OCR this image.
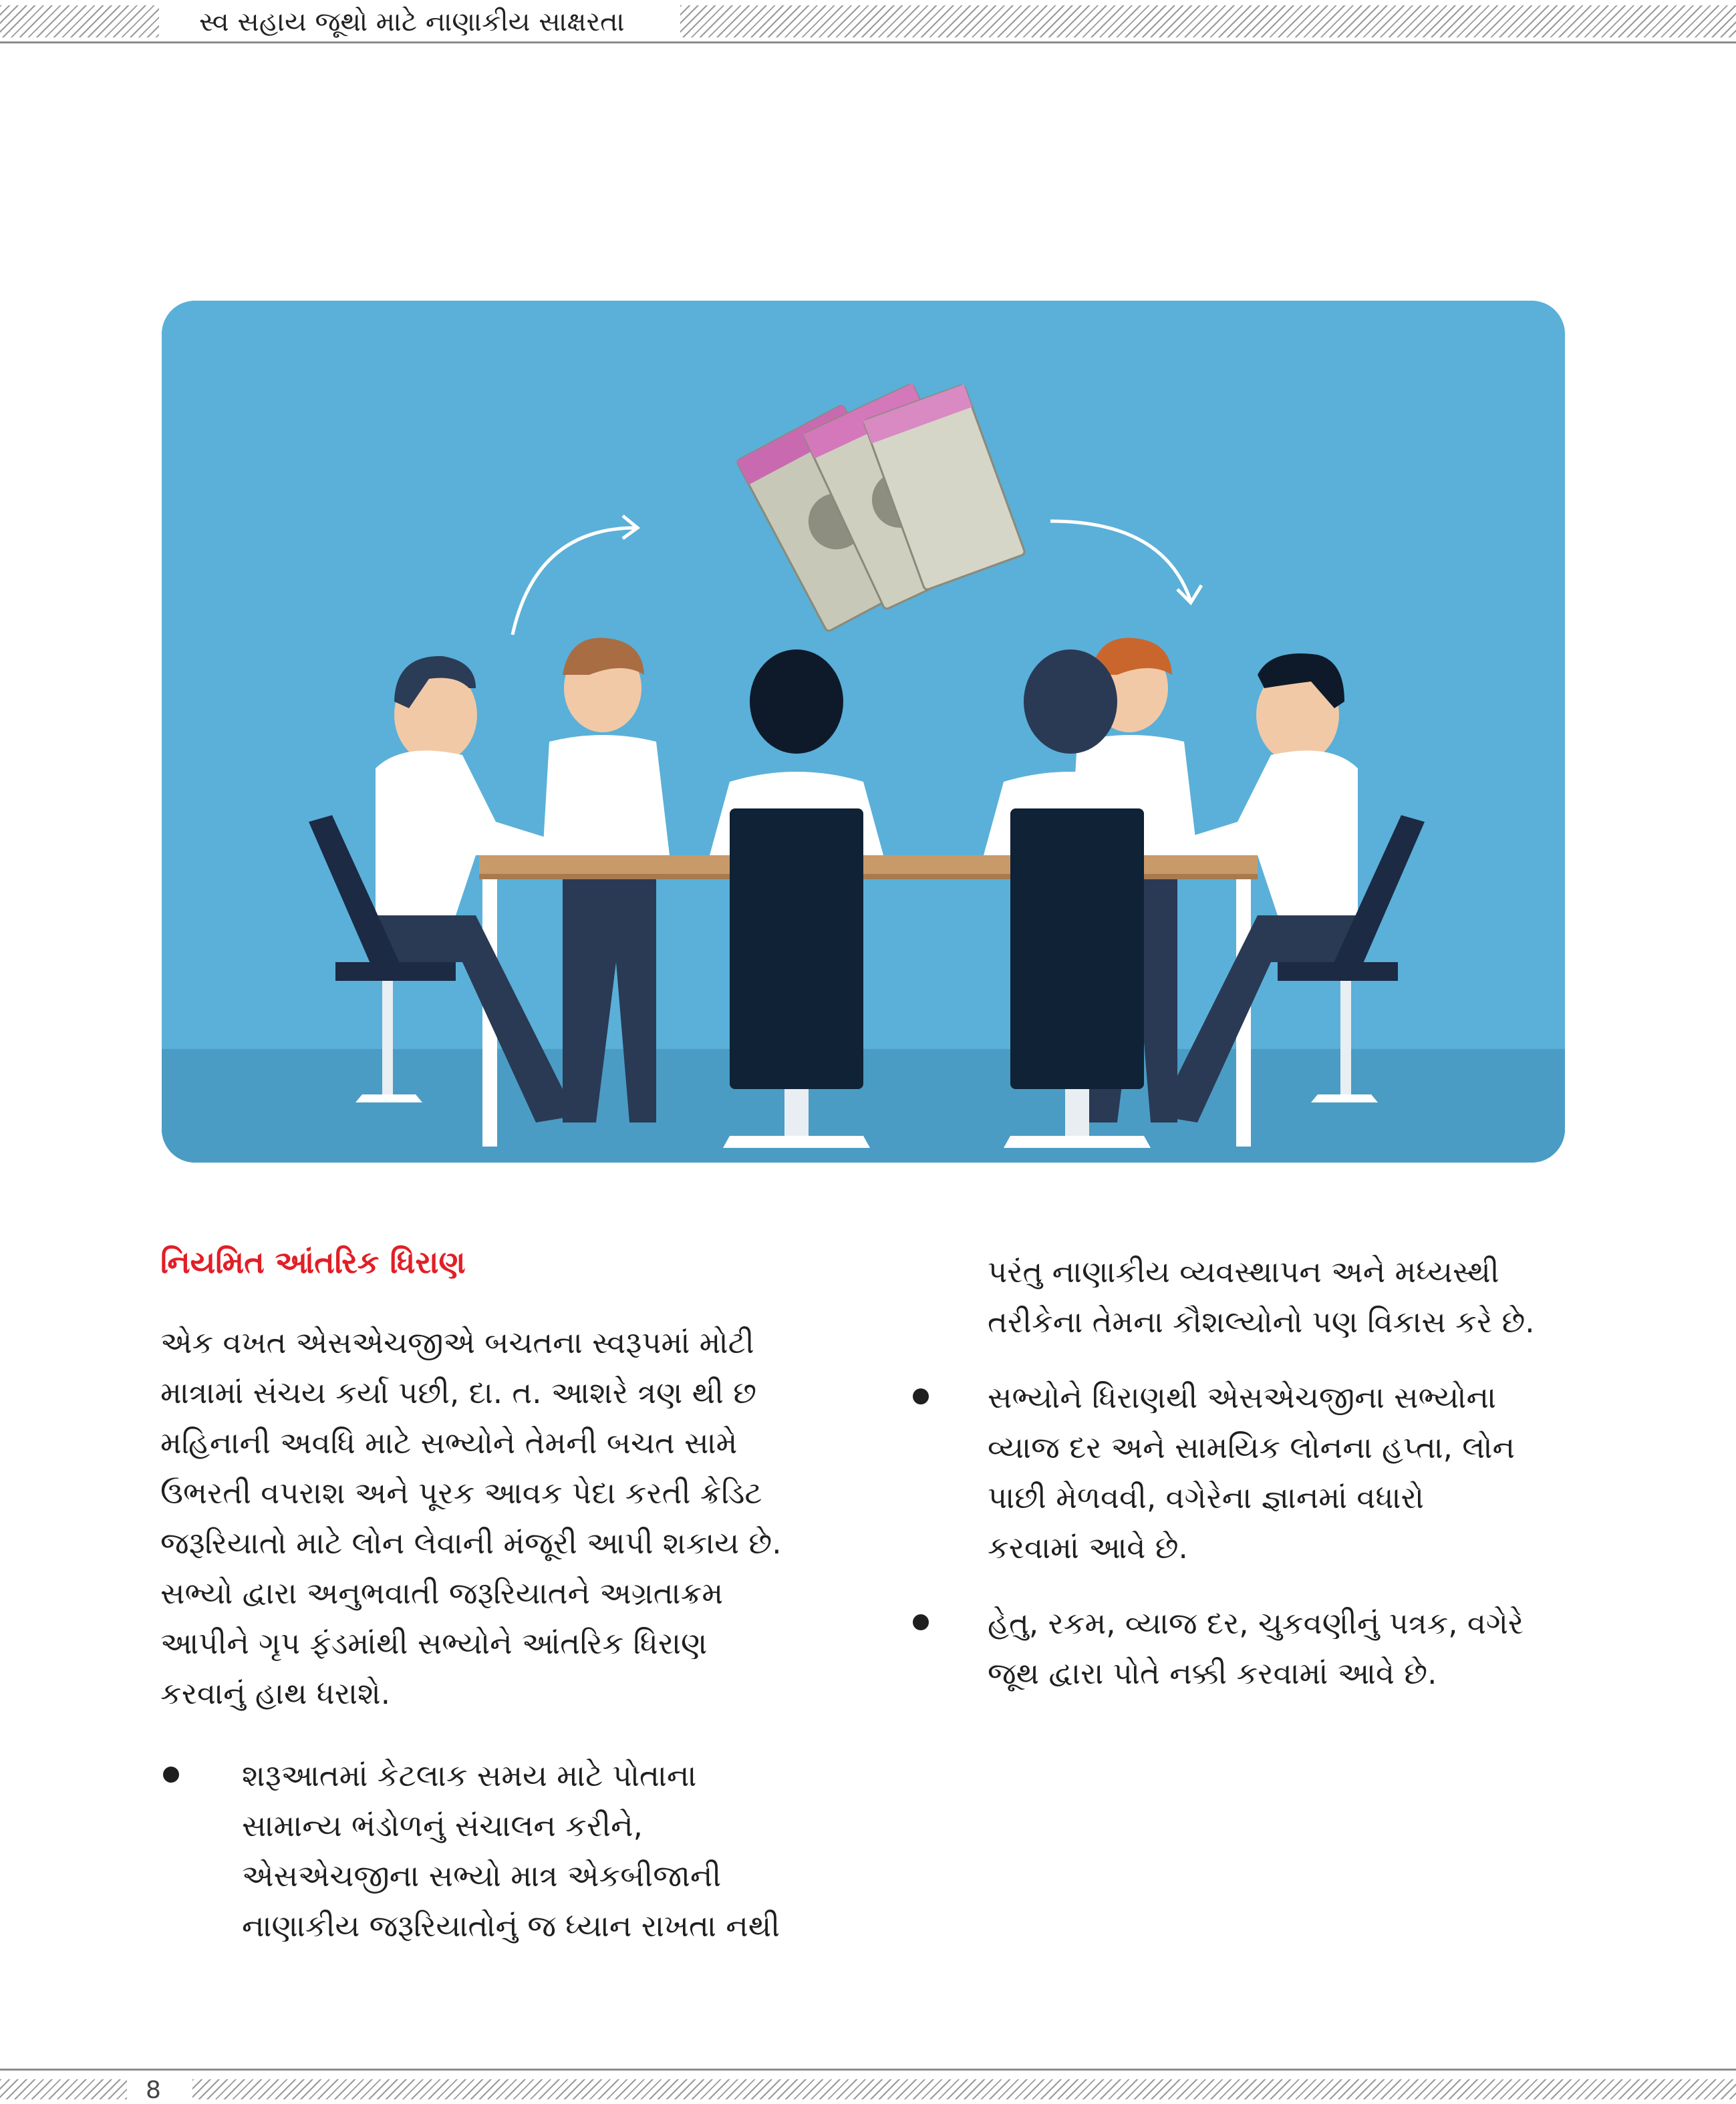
સ્વ સહાય જૂથો માટે નાણાકીય સાક્ષરતા
નિયમિત આંતરિક ધિરાણ
એક વખત એસએચજીએ બચતના સ્વરૂપમાં મોટી
માત્રામાં સંચય કર્યા પછી, દા. ત. આશરે ત્રણ થી છ
મહિનાની અવધિ માટે સભ્યોને તેમની બચત સામે
ઉભરતી વપરાશ અને પૂરક આવક પેદા કરતી ક્રેડિટ
જરૂરિયાતો માટે લોન લેવાની મંજૂરી આપી શકાય છે.
સભ્યો દ્વારા અનુભવાતી જરૂરિયાતને અગ્રતાક્રમ
આપીને ગૃપ ફંડમાંથી સભ્યોને આંતરિક ધિરાણ
કરવાનું હાથ ધરાશે.
શરૂઆતમાં કેટલાક સમય માટે પોતાના
સામાન્ય ભંડોળનું સંચાલન કરીને,
એસએચજીના સભ્યો માત્ર એકબીજાની
નાણાકીય જરૂરિયાતોનું જ ધ્યાન રાખતા નથી
પરંતુ નાણાકીય વ્યવસ્થાપન અને મધ્યસ્થી
તરીકેના તેમના કૌશલ્યોનો પણ વિકાસ કરે છે.
સભ્યોને ધિરાણથી એસએચજીના સભ્યોના
વ્યાજ દર અને સામયિક લોનના હપ્તા, લોન
પાછી મેળવવી, વગેરેના જ્ઞાનમાં વધારો
કરવામાં આવે છે.
હેતુ, રકમ, વ્યાજ દર, ચુકવણીનું પત્રક, વગેરે
જૂથ દ્વારા પોતે નક્કી કરવામાં આવે છે.
8
